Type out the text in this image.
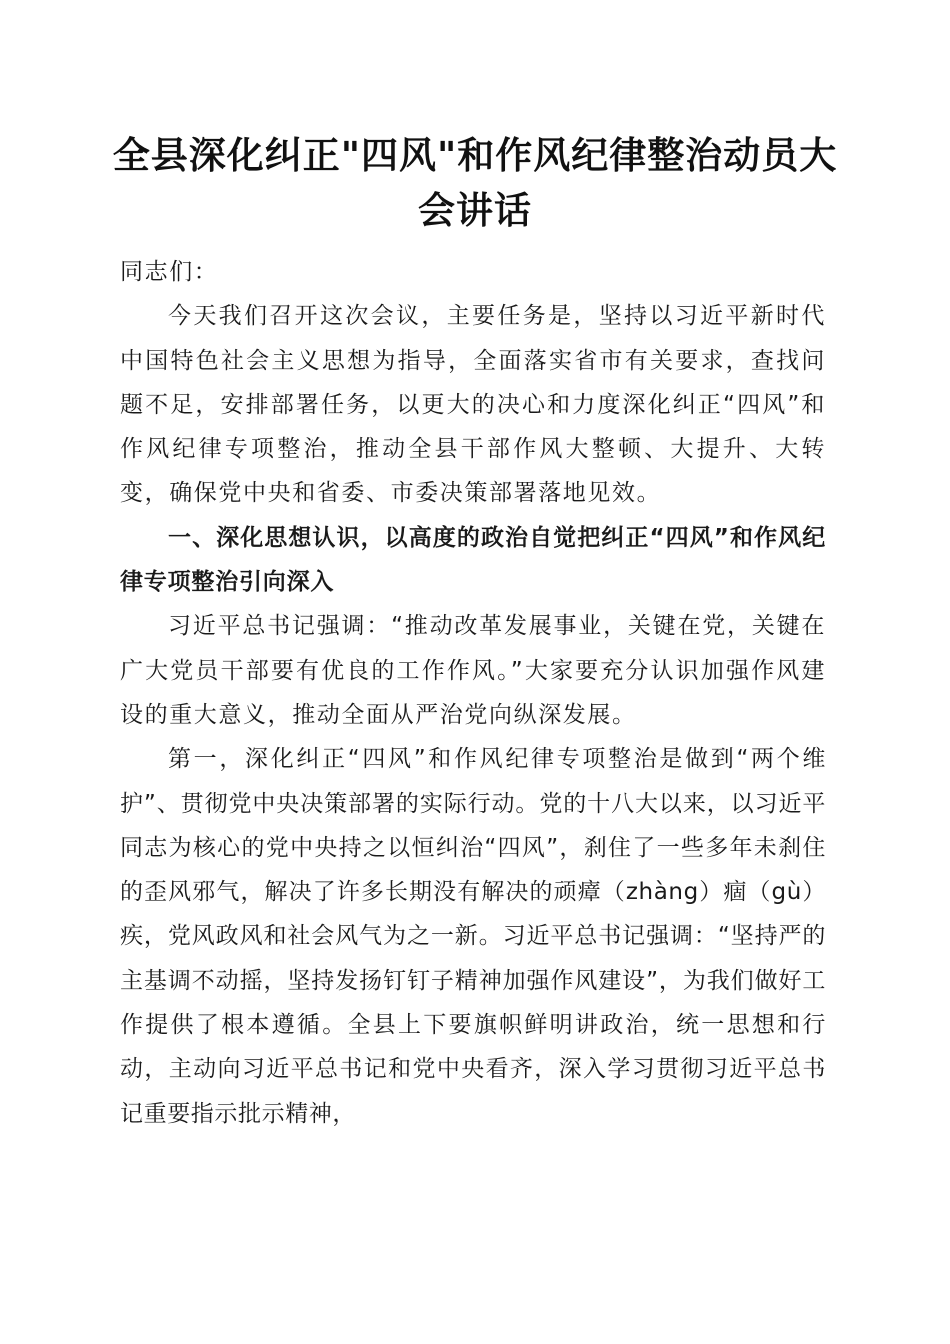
全县深化纠正"四风"和作风纪律整治动员大会讲话

同志们：

今天我们召开这次会议，主要任务是，坚持以习近平新时代中国特色社会主义思想为指导，全面落实省市有关要求，查找问题不足，安排部署任务，以更大的决心和力度深化纠正“四风”和作风纪律专项整治，推动全县干部作风大整顿、大提升、大转变，确保党中央和省委、市委决策部署落地见效。

一、深化思想认识，以高度的政治自觉把纠正“四风”和作风纪律专项整治引向深入

习近平总书记强调：“推动改革发展事业，关键在党，关键在广大党员干部要有优良的工作作风。”大家要充分认识加强作风建设的重大意义，推动全面从严治党向纵深发展。

第一，深化纠正“四风”和作风纪律专项整治是做到“两个维护”、贯彻党中央决策部署的实际行动。党的十八大以来，以习近平同志为核心的党中央持之以恒纠治“四风”，刹住了一些多年未刹住的歪风邪气，解决了许多长期没有解决的顽瘴（zhàng）痼（gù）疾，党风政风和社会风气为之一新。习近平总书记强调：“坚持严的主基调不动摇，坚持发扬钉钉子精神加强作风建设”，为我们做好工作提供了根本遵循。全县上下要旗帜鲜明讲政治，统一思想和行动，主动向习近平总书记和党中央看齐，深入学习贯彻习近平总书记重要指示批示精神，
